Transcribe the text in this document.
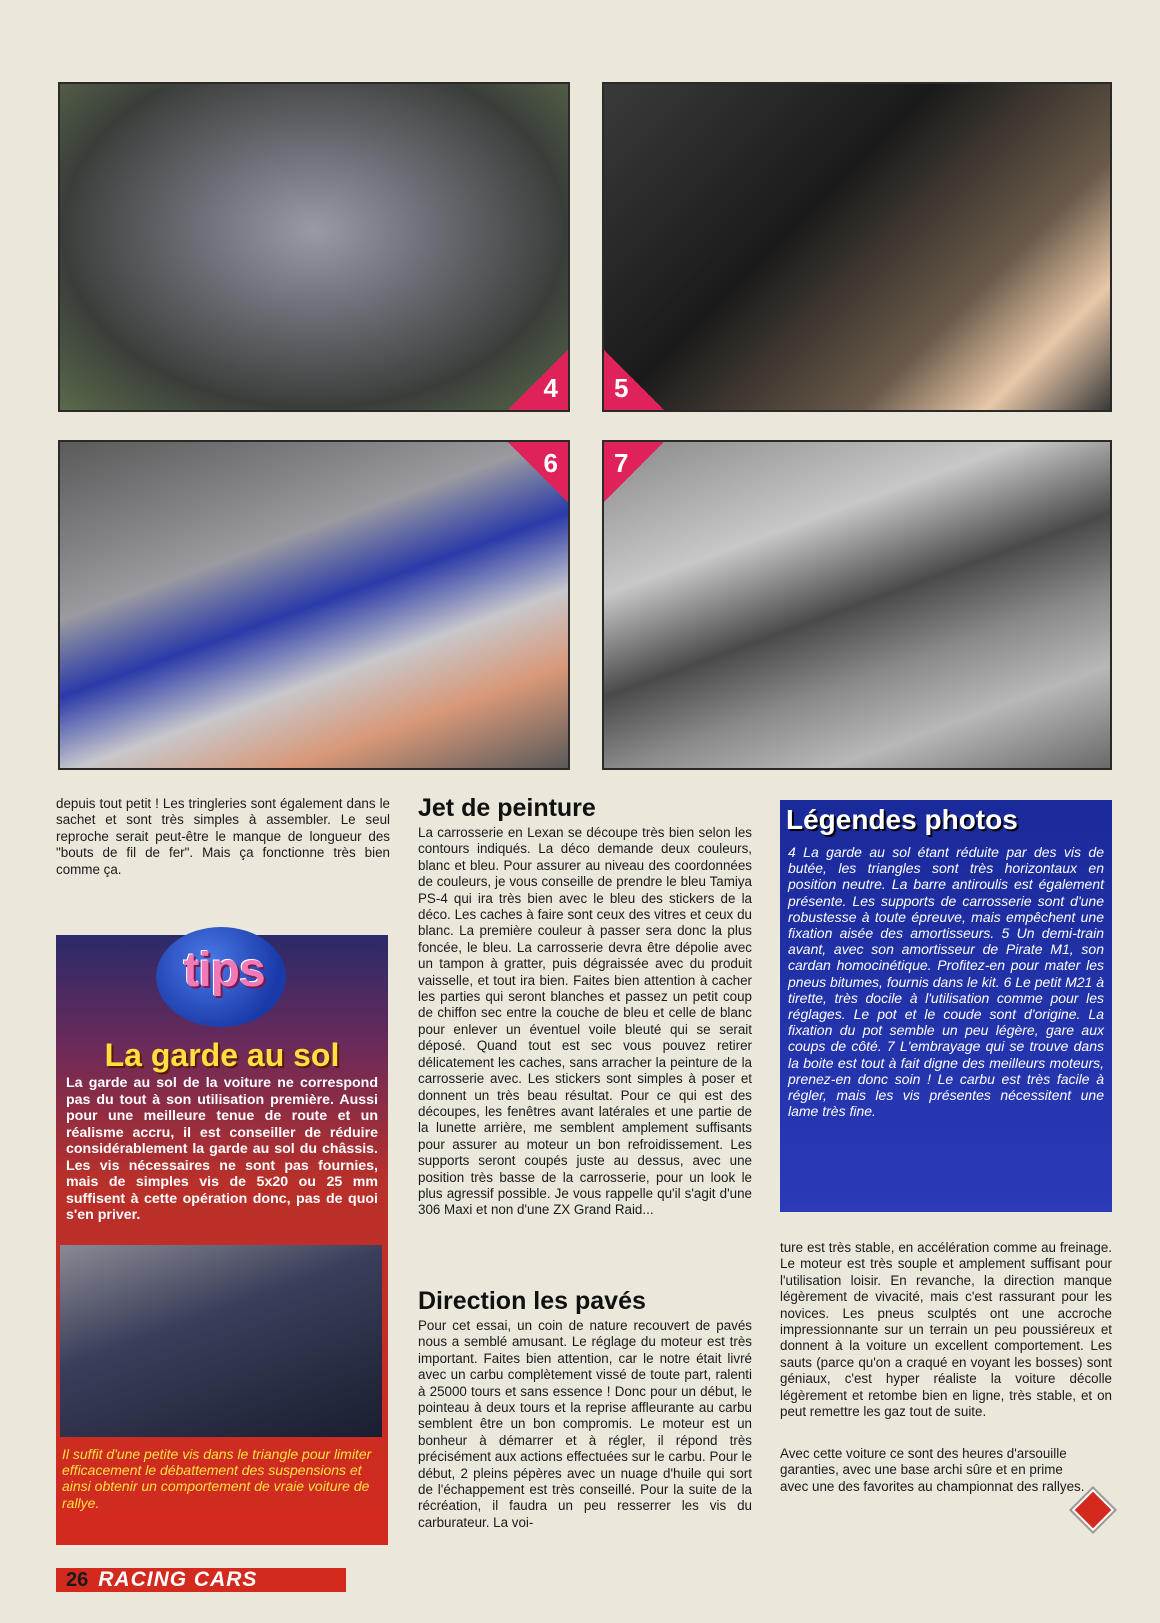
4 5
6 7
depuis tout petit ! Les tringleries sont également dans le sachet et sont très simples à assembler. Le seul reproche serait peut-être le manque de longueur des "bouts de fil de fer". Mais ça fonctionne très bien comme ça.
tips
La garde au sol
La garde au sol de la voiture ne correspond pas du tout à son utilisation première. Aussi pour une meilleure tenue de route et un réalisme accru, il est conseiller de réduire considérablement la garde au sol du châssis. Les vis nécessaires ne sont pas fournies, mais de simples vis de 5x20 ou 25 mm suffisent à cette opération donc, pas de quoi s'en priver.
Il suffit d'une petite vis dans le triangle pour limiter efficacement le débattement des suspensions et ainsi obtenir un comportement de vraie voiture de rallye.
Jet de peinture
La carrosserie en Lexan se découpe très bien selon les contours indiqués. La déco demande deux couleurs, blanc et bleu. Pour assurer au niveau des coordonnées de couleurs, je vous conseille de prendre le bleu Tamiya PS-4 qui ira très bien avec le bleu des stickers de la déco. Les caches à faire sont ceux des vitres et ceux du blanc. La première couleur à passer sera donc la plus foncée, le bleu. La carrosserie devra être dépolie avec un tampon à gratter, puis dégraissée avec du produit vaisselle, et tout ira bien. Faites bien attention à cacher les parties qui seront blanches et passez un petit coup de chiffon sec entre la couche de bleu et celle de blanc pour enlever un éventuel voile bleuté qui se serait déposé. Quand tout est sec vous pouvez retirer délicatement les caches, sans arracher la peinture de la carrosserie avec. Les stickers sont simples à poser et donnent un très beau résultat. Pour ce qui est des découpes, les fenêtres avant latérales et une partie de la lunette arrière, me semblent amplement suffisants pour assurer au moteur un bon refroidissement. Les supports seront coupés juste au dessus, avec une position très basse de la carrosserie, pour un look le plus agressif possible. Je vous rappelle qu'il s'agit d'une 306 Maxi et non d'une ZX Grand Raid...
Direction les pavés
Pour cet essai, un coin de nature recouvert de pavés nous a semblé amusant. Le réglage du moteur est très important. Faites bien attention, car le notre était livré avec un carbu complètement vissé de toute part, ralenti à 25000 tours et sans essence ! Donc pour un début, le pointeau à deux tours et la reprise affleurante au carbu semblent être un bon compromis. Le moteur est un bonheur à démarrer et à régler, il répond très précisément aux actions effectuées sur le carbu. Pour le début, 2 pleins pépères avec un nuage d'huile qui sort de l'échappement est très conseillé. Pour la suite de la récréation, il faudra un peu resserrer les vis du carburateur. La voi-
Légendes photos
4 La garde au sol étant réduite par des vis de butée, les triangles sont très horizontaux en position neutre. La barre antiroulis est également présente. Les supports de carrosserie sont d'une robustesse à toute épreuve, mais empêchent une fixation aisée des amortisseurs. 5 Un demi-train avant, avec son amortisseur de Pirate M1, son cardan homocinétique. Profitez-en pour mater les pneus bitumes, fournis dans le kit. 6 Le petit M21 à tirette, très docile à l'utilisation comme pour les réglages. Le pot et le coude sont d'origine. La fixation du pot semble un peu légère, gare aux coups de côté. 7 L'embrayage qui se trouve dans la boite est tout à fait digne des meilleurs moteurs, prenez-en donc soin ! Le carbu est très facile à régler, mais les vis présentes nécessitent une lame très fine.
ture est très stable, en accélération comme au freinage. Le moteur est très souple et amplement suffisant pour l'utilisation loisir. En revanche, la direction manque légèrement de vivacité, mais c'est rassurant pour les novices. Les pneus sculptés ont une accroche impressionnante sur un terrain un peu poussiéreux et donnent à la voiture un excellent comportement. Les sauts (parce qu'on a craqué en voyant les bosses) sont géniaux, c'est hyper réaliste la voiture décolle légèrement et retombe bien en ligne, très stable, et on peut remettre les gaz tout de suite.
Avec cette voiture ce sont des heures d'arsouille garanties, avec une base archi sûre et en prime avec une des favorites au championnat des rallyes.
26 RACING CARS
